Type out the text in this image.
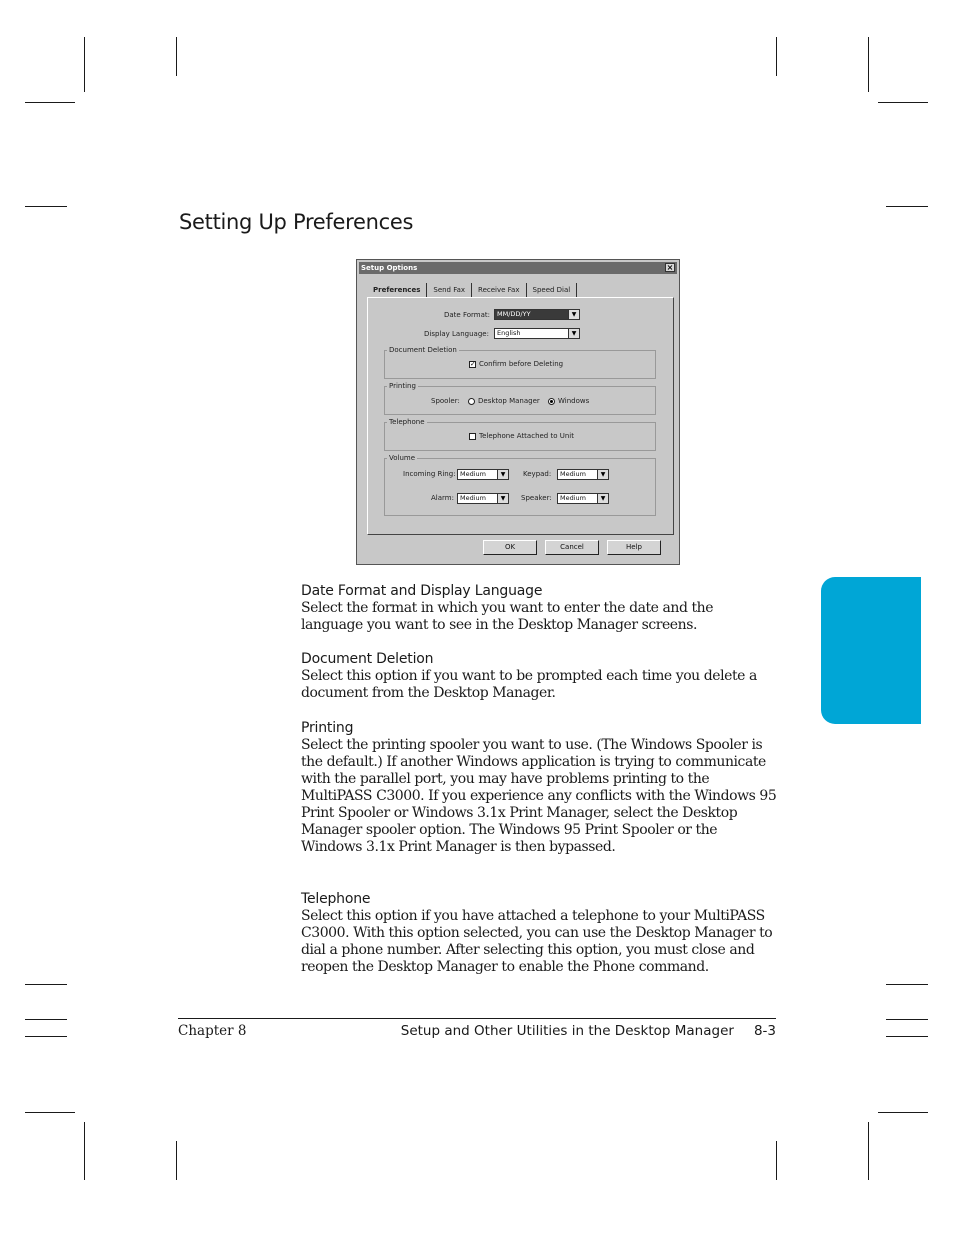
Setting Up Preferences
Setup Options	×
Preferences	Send Fax	Receive Fax	Speed Dial
Date Format:	MM/DD/YY	▼
Display Language:	English	▼
Document Deletion
✓ Confirm before Deleting
Printing
Spooler:	Desktop Manager	Windows
Telephone
Telephone Attached to Unit
Volume
Incoming Ring: Medium	▼	Keypad:	Medium	▼
Alarm: Medium	▼	Speaker:	Medium	▼
OK	Cancel	Help
Date Format and Display Language

Select the format in which you want to enter the date and the language you want to see in the Desktop Manager screens.

Document Deletion

Select this option if you want to be prompted each time you delete a document from the Desktop Manager.

Printing

Select the printing spooler you want to use. (The Windows Spooler is the default.) If another Windows application is trying to communicate with the parallel port, you may have problems printing to the MultiPASS C3000. If you experience any conflicts with the Windows 95 Print Spooler or Windows 3.1x Print Manager, select the Desktop Manager spooler option. The Windows 95 Print Spooler or the Windows 3.1x Print Manager is then bypassed.

Telephone

Select this option if you have attached a telephone to your MultiPASS C3000. With this option selected, you can use the Desktop Manager to dial a phone number. After selecting this option, you must close and reopen the Desktop Manager to enable the Phone command.

Chapter 8	Setup and Other Utilities in the Desktop Manager 8-3
